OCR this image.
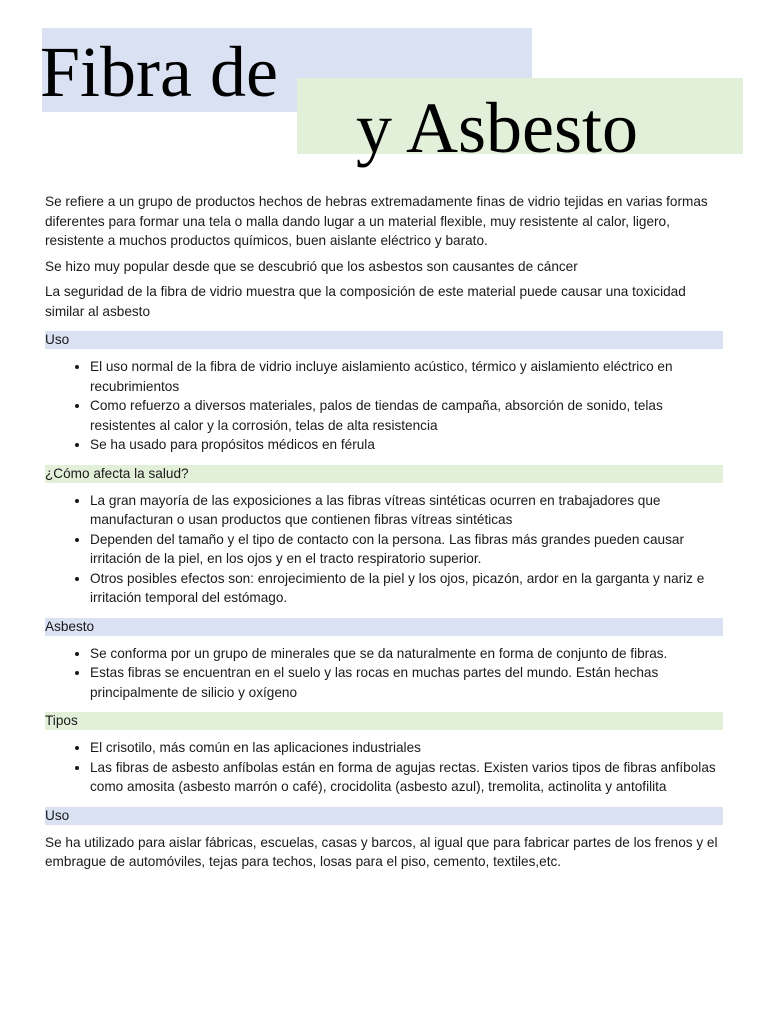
Fibra de
y Asbesto

Se refiere a un grupo de productos hechos de hebras extremadamente finas de vidrio tejidas en varias formas diferentes para formar una tela o malla dando lugar a un material flexible, muy resistente al calor, ligero, resistente a muchos productos químicos, buen aislante eléctrico y barato.

Se hizo muy popular desde que se descubrió que los asbestos son causantes de cáncer

La seguridad de la fibra de vidrio muestra que la composición de este material puede causar una toxicidad similar al asbesto

Uso
• El uso normal de la fibra de vidrio incluye aislamiento acústico, térmico y aislamiento eléctrico en recubrimientos
• Como refuerzo a diversos materiales, palos de tiendas de campaña, absorción de sonido, telas resistentes al calor y la corrosión, telas de alta resistencia
• Se ha usado para propósitos médicos en férula
¿Cómo afecta la salud?
• La gran mayoría de las exposiciones a las fibras vítreas sintéticas ocurren en trabajadores que manufacturan o usan productos que contienen fibras vítreas sintéticas
• Dependen del tamaño y el tipo de contacto con la persona. Las fibras más grandes pueden causar irritación de la piel, en los ojos y en el tracto respiratorio superior.
• Otros posibles efectos son: enrojecimiento de la piel y los ojos, picazón, ardor en la garganta y nariz e irritación temporal del estómago.
Asbesto
• Se conforma por un grupo de minerales que se da naturalmente en forma de conjunto de fibras.
• Estas fibras se encuentran en el suelo y las rocas en muchas partes del mundo. Están hechas principalmente de silicio y oxígeno
Tipos
• El crisotilo, más común en las aplicaciones industriales
• Las fibras de asbesto anfíbolas están en forma de agujas rectas. Existen varios tipos de fibras anfíbolas como amosita (asbesto marrón o café), crocidolita (asbesto azul), tremolita, actinolita y antofilita
Uso

Se ha utilizado para aislar fábricas, escuelas, casas y barcos, al igual que para fabricar partes de los frenos y el embrague de automóviles, tejas para techos, losas para el piso, cemento, textiles,etc.
